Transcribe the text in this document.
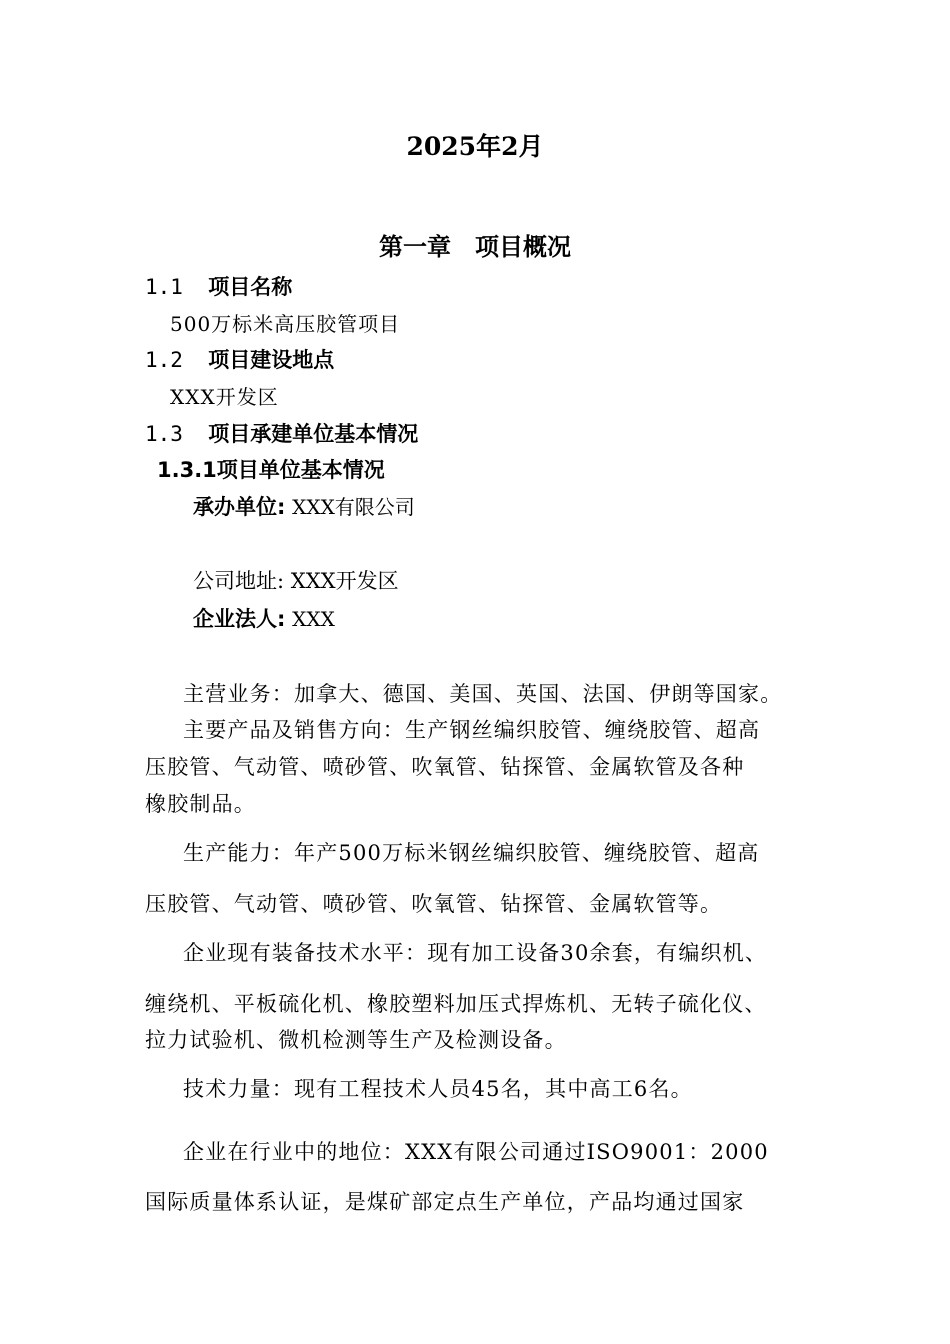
2025年2月
第一章　项目概况
1.1 项目名称
500万标米高压胶管项目
1.2 项目建设地点
XXX开发区
1.3 项目承建单位基本情况
1.3.1项目单位基本情况
承办单位: XXX有限公司
公司地址: XXX开发区
企业法人: XXX
主营业务：加拿大、德国、美国、英国、法国、伊朗等国家。
主要产品及销售方向：生产钢丝编织胶管、缠绕胶管、超高
压胶管、气动管、喷砂管、吹氧管、钻探管、金属软管及各种
橡胶制品。
生产能力：年产500万标米钢丝编织胶管、缠绕胶管、超高
压胶管、气动管、喷砂管、吹氧管、钻探管、金属软管等。
企业现有装备技术水平：现有加工设备30余套，有编织机、
缠绕机、平板硫化机、橡胶塑料加压式捍炼机、无转子硫化仪、
拉力试验机、微机检测等生产及检测设备。
技术力量：现有工程技术人员45名，其中高工6名。
企业在行业中的地位：XXX有限公司通过ISO9001：2000
国际质量体系认证，是煤矿部定点生产单位，产品均通过国家
